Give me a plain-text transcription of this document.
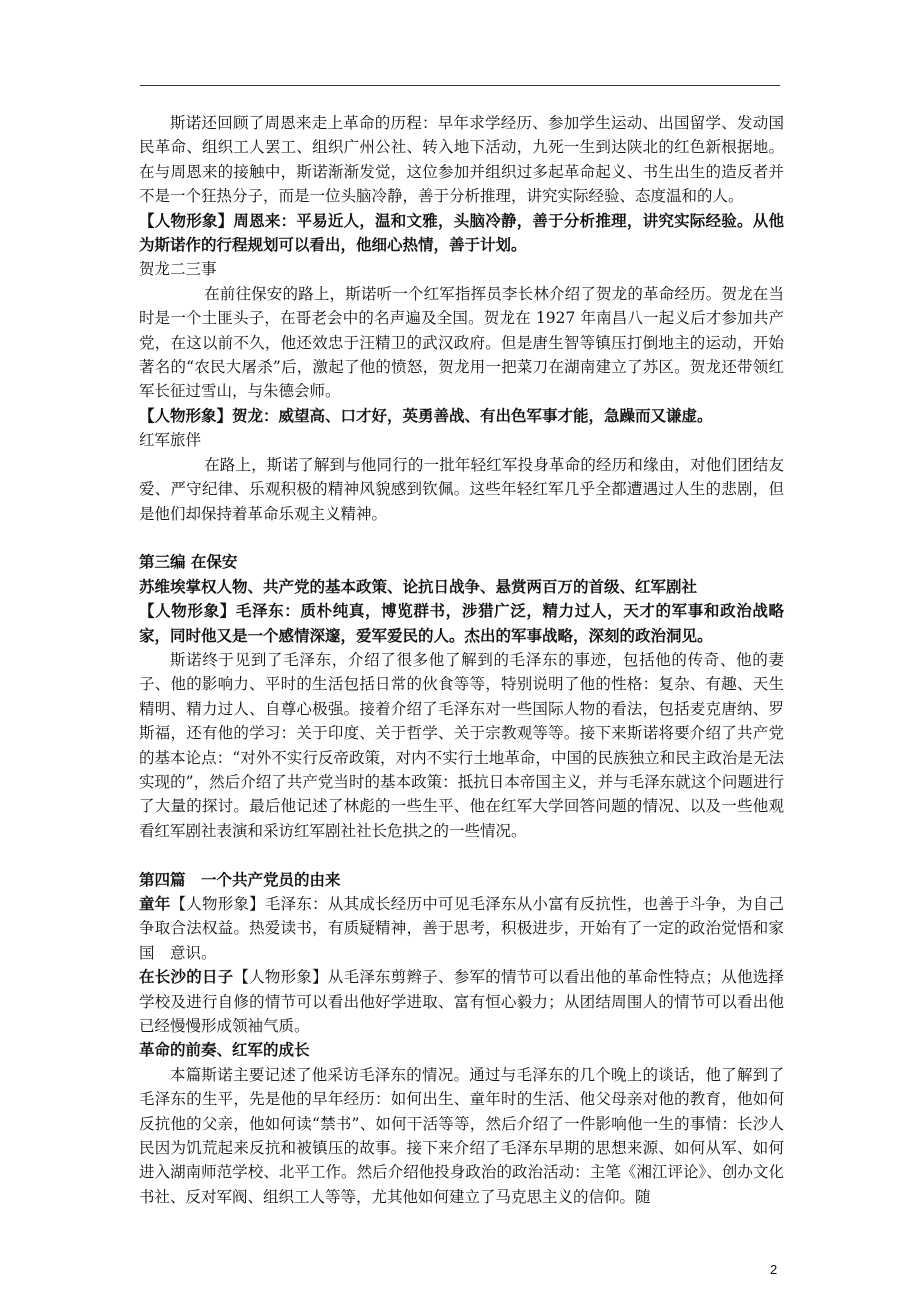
斯诺还回顾了周恩来走上革命的历程：早年求学经历、参加学生运动、出国留学、发动国民革命、组织工人罢工、组织广州公社、转入地下活动，九死一生到达陕北的红色新根据地。在与周恩来的接触中，斯诺渐渐发觉，这位参加并组织过多起革命起义、书生出生的造反者并不是一个狂热分子，而是一位头脑冷静，善于分析推理，讲究实际经验、态度温和的人。

【人物形象】周恩来：平易近人，温和文雅，头脑冷静，善于分析推理，讲究实际经验。从他为斯诺作的行程规划可以看出，他细心热情，善于计划。

贺龙二三事

在前往保安的路上，斯诺听一个红军指挥员李长林介绍了贺龙的革命经历。贺龙在当时是一个土匪头子，在哥老会中的名声遍及全国。贺龙在 1927 年南昌八一起义后才参加共产党，在这以前不久，他还效忠于汪精卫的武汉政府。但是唐生智等镇压打倒地主的运动，开始著名的“农民大屠杀”后，激起了他的愤怒，贺龙用一把菜刀在湖南建立了苏区。贺龙还带领红军长征过雪山，与朱德会师。

【人物形象】贺龙：威望高、口才好，英勇善战、有出色军事才能，急躁而又谦虚。

红军旅伴

在路上，斯诺了解到与他同行的一批年轻红军投身革命的经历和缘由，对他们团结友爱、严守纪律、乐观积极的精神风貌感到钦佩。这些年轻红军几乎全都遭遇过人生的悲剧，但是他们却保持着革命乐观主义精神。

第三编 在保安

苏维埃掌权人物、共产党的基本政策、论抗日战争、悬赏两百万的首级、红军剧社

【人物形象】毛泽东：质朴纯真，博览群书，涉猎广泛，精力过人，天才的军事和政治战略家，同时他又是一个感情深邃，爱军爱民的人。杰出的军事战略，深刻的政治洞见。

斯诺终于见到了毛泽东，介绍了很多他了解到的毛泽东的事迹，包括他的传奇、他的妻子、他的影响力、平时的生活包括日常的伙食等等，特别说明了他的性格：复杂、有趣、天生精明、精力过人、自尊心极强。接着介绍了毛泽东对一些国际人物的看法，包括麦克唐纳、罗斯福，还有他的学习：关于印度、关于哲学、关于宗教观等等。接下来斯诺将要介绍了共产党的基本论点：“对外不实行反帝政策，对内不实行土地革命，中国的民族独立和民主政治是无法实现的”，然后介绍了共产党当时的基本政策：抵抗日本帝国主义，并与毛泽东就这个问题进行了大量的探讨。最后他记述了林彪的一些生平、他在红军大学回答问题的情况、以及一些他观看红军剧社表演和采访红军剧社社长危拱之的一些情况。

第四篇　一个共产党员的由来

童年【人物形象】毛泽东：从其成长经历中可见毛泽东从小富有反抗性，也善于斗争，为自己争取合法权益。热爱读书，有质疑精神，善于思考，积极进步，开始有了一定的政治觉悟和家国　意识。

在长沙的日子【人物形象】从毛泽东剪辫子、参军的情节可以看出他的革命性特点；从他选择学校及进行自修的情节可以看出他好学进取、富有恒心毅力；从团结周围人的情节可以看出他已经慢慢形成领袖气质。

革命的前奏、红军的成长

本篇斯诺主要记述了他采访毛泽东的情况。通过与毛泽东的几个晚上的谈话，他了解到了毛泽东的生平，先是他的早年经历：如何出生、童年时的生活、他父母亲对他的教育，他如何反抗他的父亲，他如何读“禁书”、如何干活等等，然后介绍了一件影响他一生的事情：长沙人民因为饥荒起来反抗和被镇压的故事。接下来介绍了毛泽东早期的思想来源、如何从军、如何进入湖南师范学校、北平工作。然后介绍他投身政治的政治活动：主笔《湘江评论》、创办文化书社、反对军阀、组织工人等等，尤其他如何建立了马克思主义的信仰。随

2
